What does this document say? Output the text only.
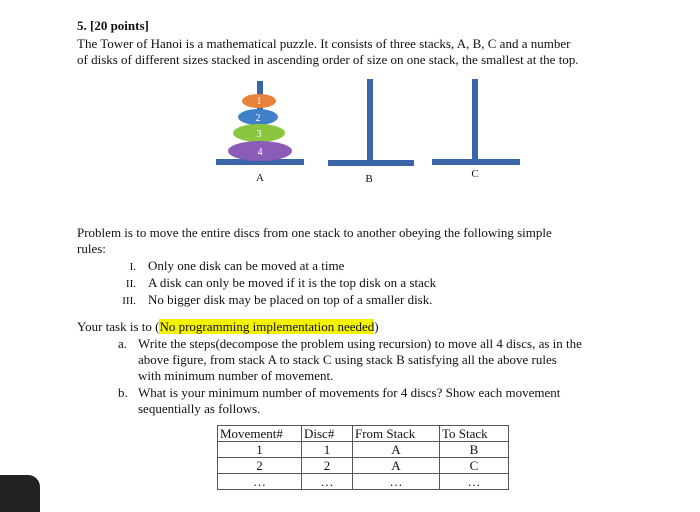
5. [20 points]
The Tower of Hanoi is a mathematical puzzle. It consists of three stacks, A, B, C and a number
of disks of different sizes stacked in ascending order of size on one stack, the smallest at the top.
1
2
3
4
A	B	C
Problem is to move the entire discs from one stack to another obeying the following simple
rules:
I. Only one disk can be moved at a time
II. A disk can only be moved if it is the top disk on a stack
III. No bigger disk may be placed on top of a smaller disk.
Your task is to (No programming implementation needed)
a. Write the steps(decompose the problem using recursion) to move all 4 discs, as in the
above figure, from stack A to stack C using stack B satisfying all the above rules
with minimum number of movement.
b. What is your minimum number of movements for 4 discs? Show each movement
sequentially as follows.
Movement#	Disc#	From Stack	To Stack
1	1	A	B
2	2	A	C
…	…	…	…
